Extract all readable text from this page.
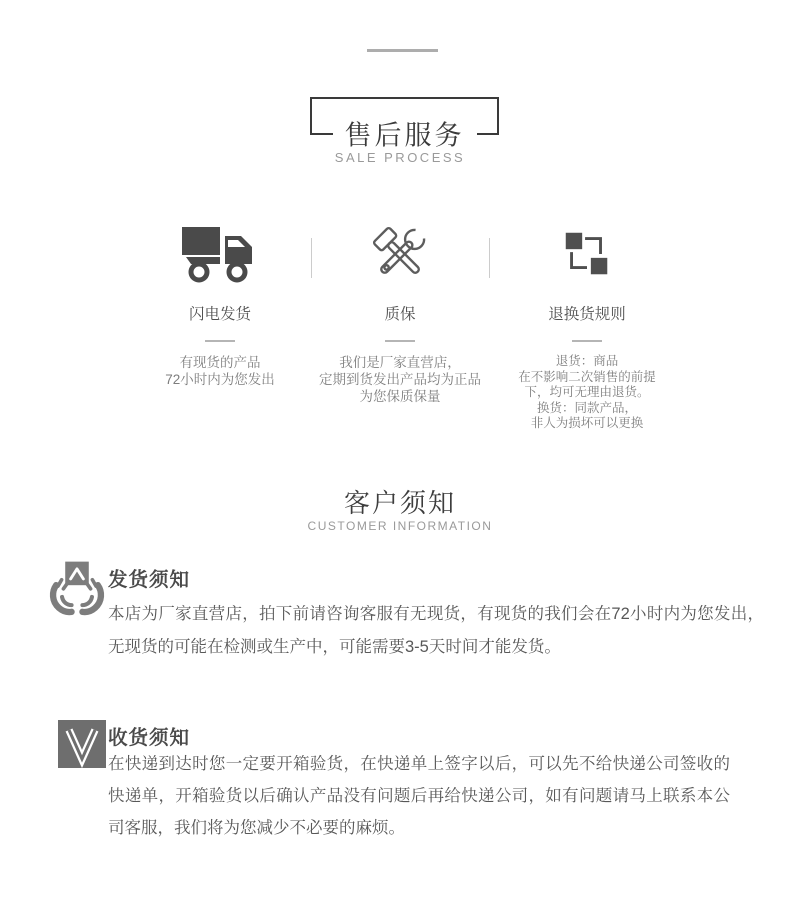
售后服务
SALE PROCESS
闪电发货
有现货的产品
72小时内为您发出
质保
我们是厂家直营店，
定期到货发出产品均为正品
为您保质保量
退换货规则
退货：商品
在不影响二次销售的前提
下，均可无理由退货。
换货：同款产品，
非人为损坏可以更换
客户须知
CUSTOMER INFORMATION
发货须知
本店为厂家直营店，拍下前请咨询客服有无现货，有现货的我们会在72小时内为您发出，无现货的可能在检测或生产中，可能需要3-5天时间才能发货。
收货须知
在快递到达时您一定要开箱验货，在快递单上签字以后，可以先不给快递公司签收的快递单，开箱验货以后确认产品没有问题后再给快递公司，如有问题请马上联系本公司客服，我们将为您减少不必要的麻烦。
